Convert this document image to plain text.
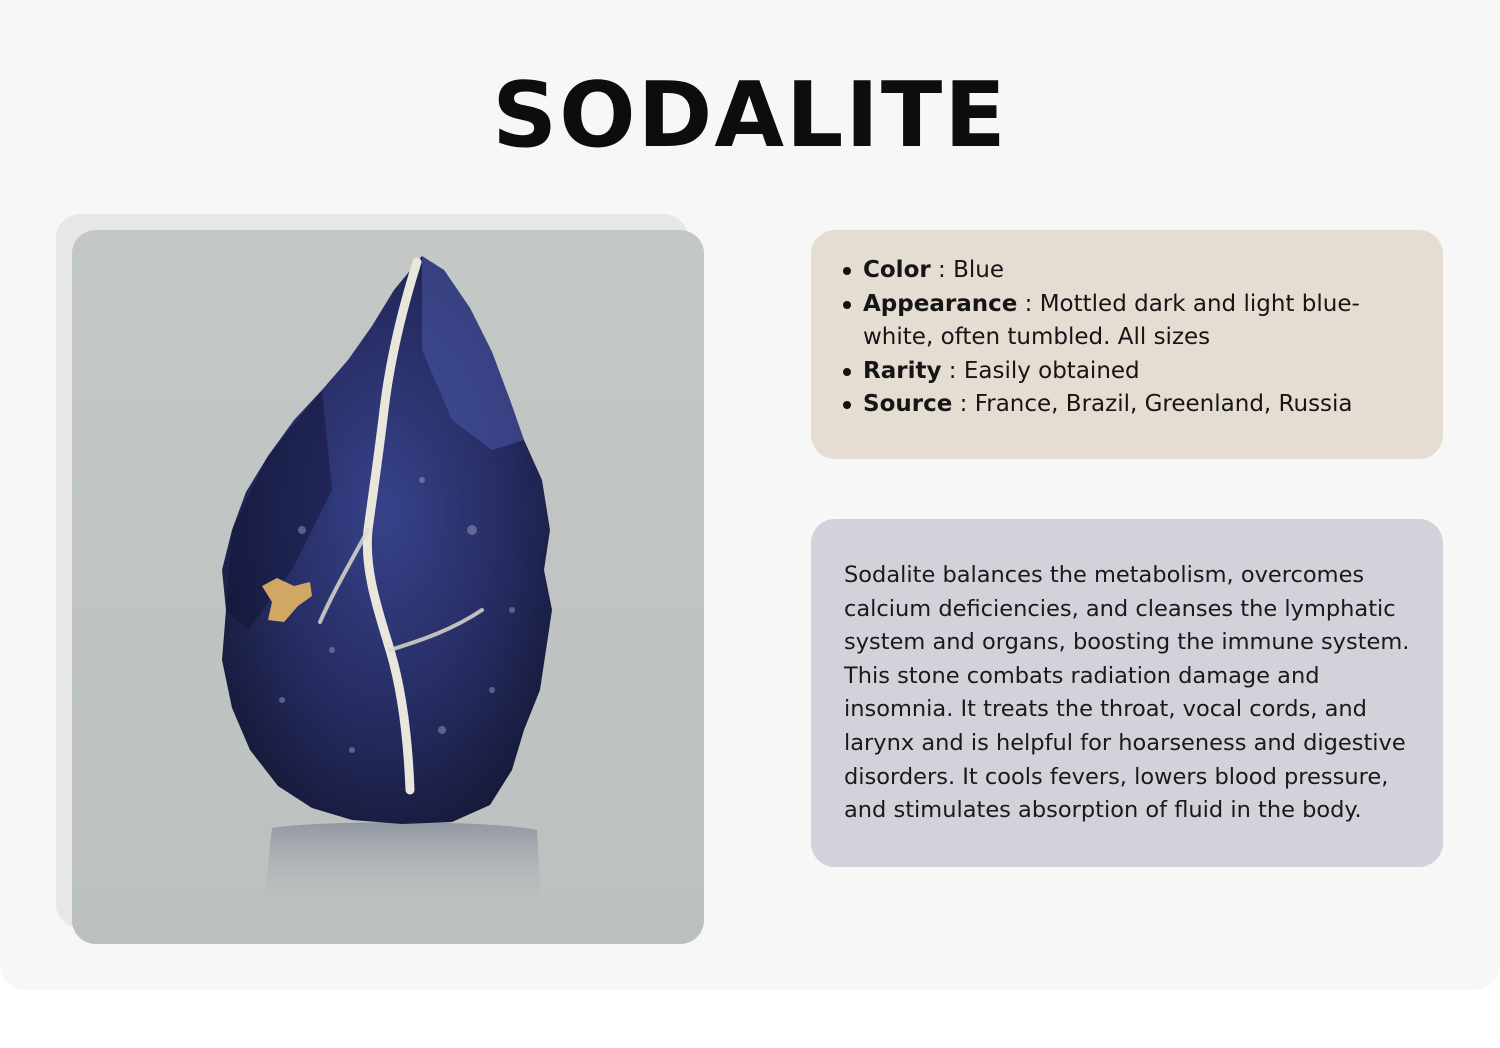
SODALITE
Color : Blue
Appearance : Mottled dark and light blue-white, often tumbled. All sizes
Rarity : Easily obtained
Source : France, Brazil, Greenland, Russia

Sodalite balances the metabolism, overcomes calcium deficiencies, and cleanses the lymphatic system and organs, boosting the immune system. This stone combats radiation damage and insomnia. It treats the throat, vocal cords, and larynx and is helpful for hoarseness and digestive disorders. It cools fevers, lowers blood pressure, and stimulates absorption of fluid in the body.
